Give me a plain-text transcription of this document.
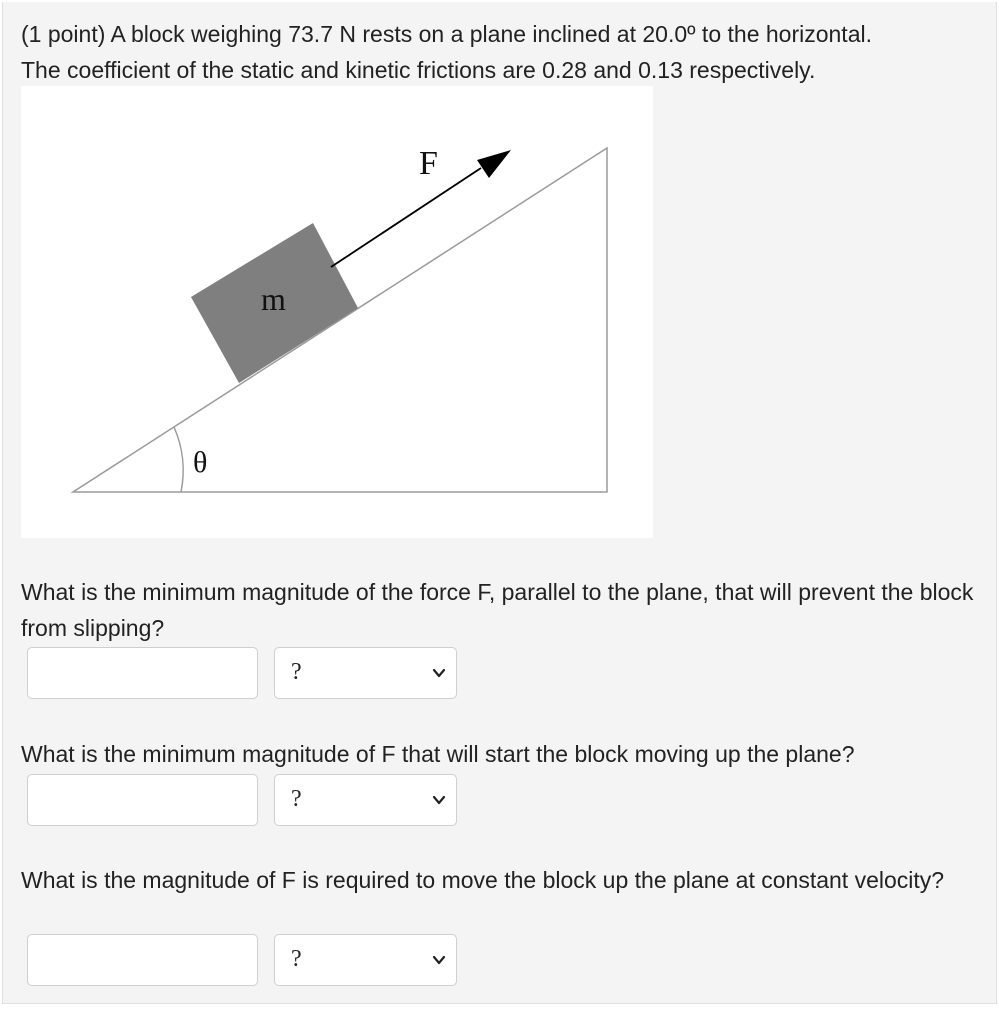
(1 point) A block weighing 73.7 N rests on a plane inclined at 20.0º to the horizontal.
The coefficient of the static and kinetic frictions are 0.28 and 0.13 respectively.
θ
m
F
What is the minimum magnitude of the force F, parallel to the plane, that will prevent the block from slipping?
?
What is the minimum magnitude of F that will start the block moving up the plane?
?
What is the magnitude of F is required to move the block up the plane at constant velocity?
?
